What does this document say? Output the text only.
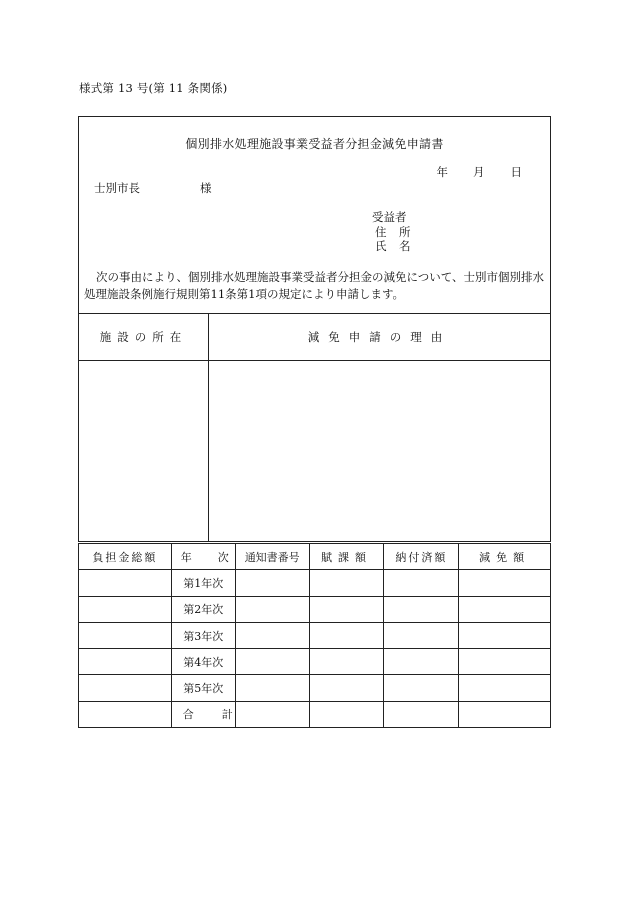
様式第 13 号(第 11 条関係)
個別排水処理施設事業受益者分担金減免申請書
年 月 日
士別市長	様
受益者
住　所
氏　名
次の事由により、個別排水処理施設事業受益者分担金の減免について、士別市個別排水処理施設条例施行規則第11条第1項の規定により申請します。
施設の所在	減免申請の理由
負担金総額	年 次	通知書番号	賦課額	納付済額	減免額
	第1年次				
	第2年次				
	第3年次				
	第4年次				
	第5年次				
	合 計				
